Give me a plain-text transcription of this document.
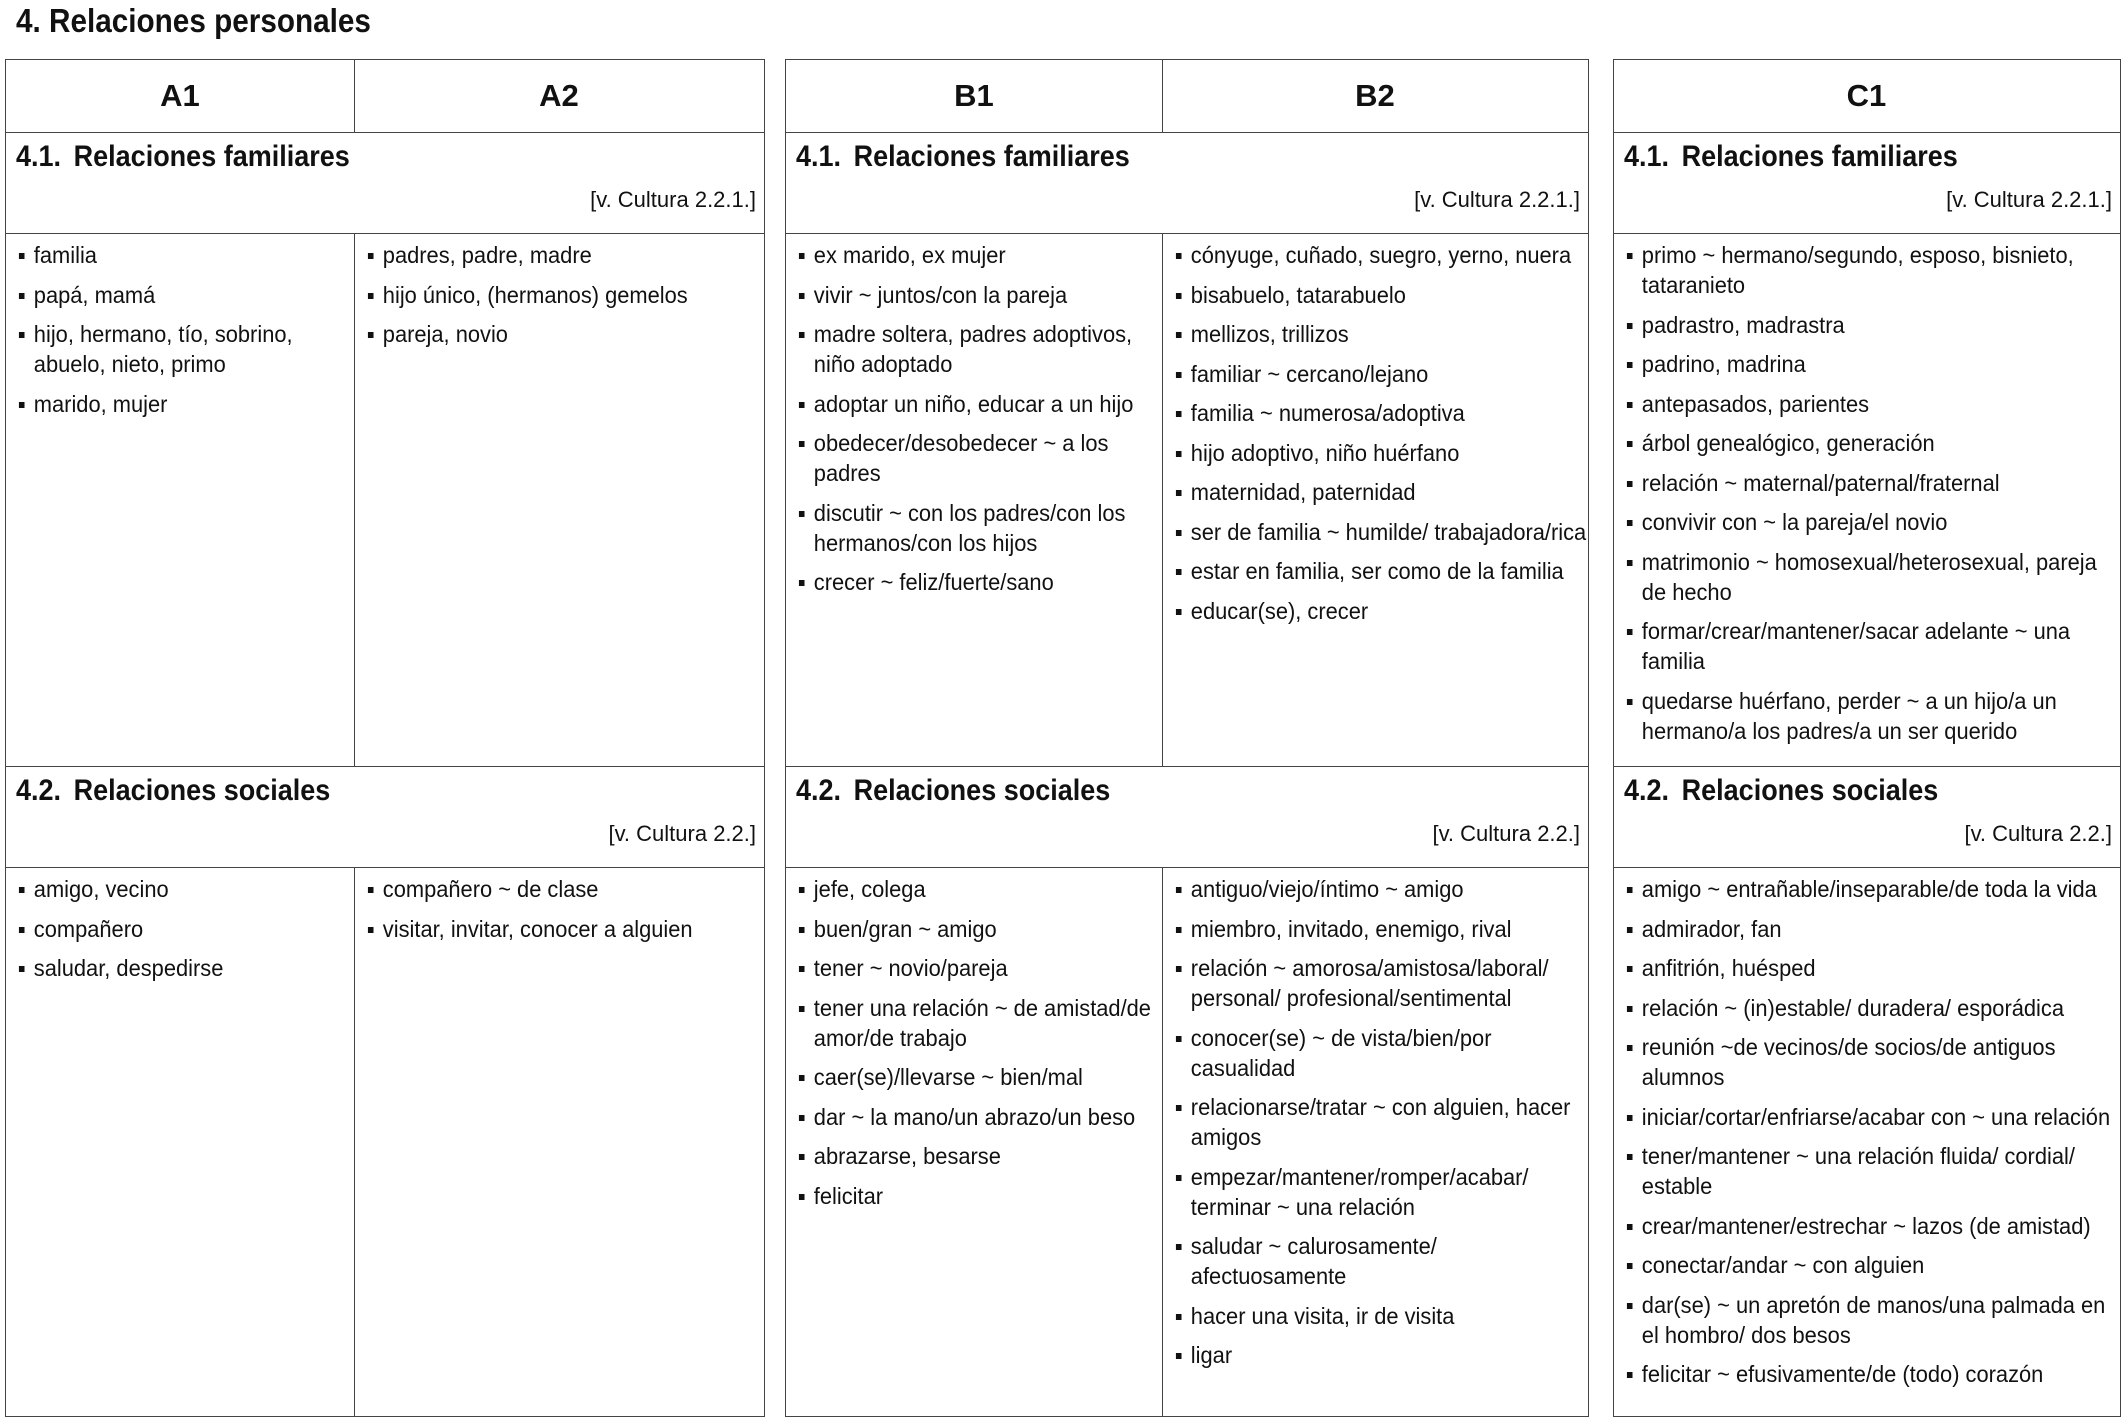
4. Relaciones personales
A1	A2
4.1. Relaciones familiares
[v. Cultura 2.2.1.]
familia
papá, mamá
hijo, hermano, tío, sobrino, abuelo, nieto, primo
marido, mujer
padres, padre, madre
hijo único, (hermanos) gemelos
pareja, novio
4.2. Relaciones sociales
[v. Cultura 2.2.]
amigo, vecino
compañero
saludar, despedirse
compañero ~ de clase
visitar, invitar, conocer a alguien
B1	B2
4.1. Relaciones familiares
[v. Cultura 2.2.1.]
ex marido, ex mujer
vivir ~ juntos/con la pareja
madre soltera, padres adoptivos, niño adoptado
adoptar un niño, educar a un hijo
obedecer/desobedecer ~ a los padres
discutir ~ con los padres/con los hermanos/con los hijos
crecer ~ feliz/fuerte/sano
cónyuge, cuñado, suegro, yerno, nuera
bisabuelo, tatarabuelo
mellizos, trillizos
familiar ~ cercano/lejano
familia ~ numerosa/adoptiva
hijo adoptivo, niño huérfano
maternidad, paternidad
ser de familia ~ humilde/ trabajadora/rica
estar en familia, ser como de la familia
educar(se), crecer
4.2. Relaciones sociales
[v. Cultura 2.2.]
jefe, colega
buen/gran ~ amigo
tener ~ novio/pareja
tener una relación ~ de amistad/de amor/de trabajo
caer(se)/llevarse ~ bien/mal
dar ~ la mano/un abrazo/un beso
abrazarse, besarse
felicitar
antiguo/viejo/íntimo ~ amigo
miembro, invitado, enemigo, rival
relación ~ amorosa/amistosa/laboral/ personal/ profesional/sentimental
conocer(se) ~ de vista/bien/por casualidad
relacionarse/tratar ~ con alguien, hacer amigos
empezar/mantener/romper/acabar/ terminar ~ una relación
saludar ~ calurosamente/ afectuosamente
hacer una visita, ir de visita
ligar
C1
4.1. Relaciones familiares
[v. Cultura 2.2.1.]
primo ~ hermano/segundo, esposo, bisnieto, tataranieto
padrastro, madrastra
padrino, madrina
antepasados, parientes
árbol genealógico, generación
relación ~ maternal/paternal/fraternal
convivir con ~ la pareja/el novio
matrimonio ~ homosexual/heterosexual, pareja de hecho
formar/crear/mantener/sacar adelante ~ una familia
quedarse huérfano, perder ~ a un hijo/a un hermano/a los padres/a un ser querido
4.2. Relaciones sociales
[v. Cultura 2.2.]
amigo ~ entrañable/inseparable/de toda la vida
admirador, fan
anfitrión, huésped
relación ~ (in)estable/ duradera/ esporádica
reunión ~de vecinos/de socios/de antiguos alumnos
iniciar/cortar/enfriarse/acabar con ~ una relación
tener/mantener ~ una relación fluida/ cordial/ estable
crear/mantener/estrechar ~ lazos (de amistad)
conectar/andar ~ con alguien
dar(se) ~ un apretón de manos/una palmada en el hombro/ dos besos
felicitar ~ efusivamente/de (todo) corazón
